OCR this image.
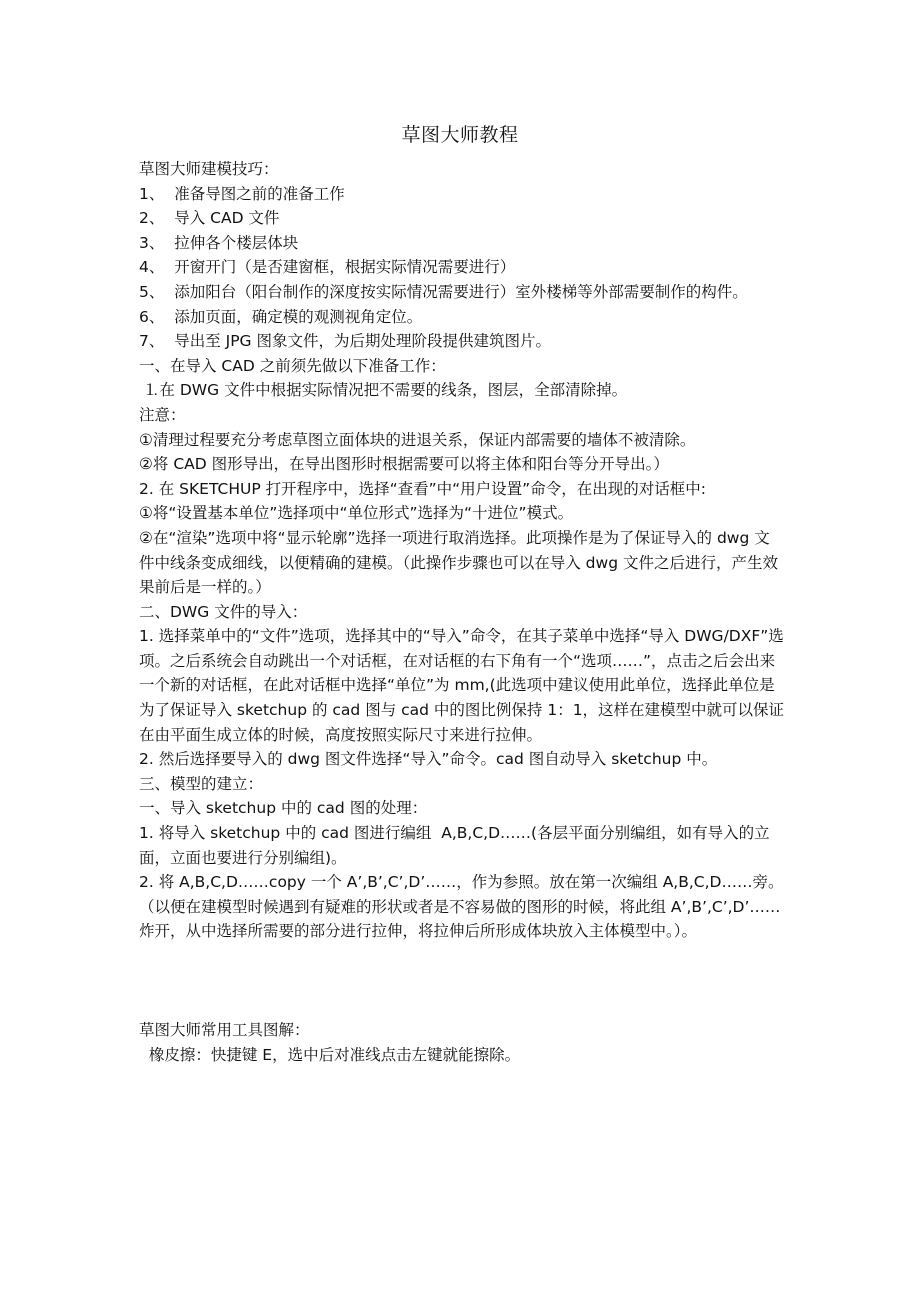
草图大师教程

草图大师建模技巧：

1、  准备导图之前的准备工作

2、  导入 CAD 文件

3、  拉伸各个楼层体块

4、  开窗开门（是否建窗框，根据实际情况需要进行）

5、  添加阳台（阳台制作的深度按实际情况需要进行）室外楼梯等外部需要制作的构件。

6、  添加页面，确定模的观测视角定位。

7、  导出至 JPG 图象文件，为后期处理阶段提供建筑图片。

一、在导入 CAD 之前须先做以下准备工作：

⒈在 DWG 文件中根据实际情况把不需要的线条，图层，全部清除掉。

注意：

①清理过程要充分考虑草图立面体块的进退关系，保证内部需要的墙体不被清除。

②将 CAD 图形导出，在导出图形时根据需要可以将主体和阳台等分开导出。）

2. 在 SKETCHUP 打开程序中，选择“查看”中“用户设置”命令，在出现的对话框中:

①将“设置基本单位”选择项中“单位形式”选择为“十进位”模式。

②在“渲染”选项中将“显示轮廓”选择一项进行取消选择。此项操作是为了保证导入的 dwg 文件中线条变成细线，以便精确的建模。（此操作步骤也可以在导入 dwg 文件之后进行，产生效果前后是一样的。）

二、DWG 文件的导入：

1. 选择菜单中的“文件”选项，选择其中的“导入”命令，在其子菜单中选择“导入 DWG/DXF”选项。之后系统会自动跳出一个对话框，在对话框的右下角有一个“选项……”，点击之后会出来一个新的对话框，在此对话框中选择“单位”为 mm,(此选项中建议使用此单位，选择此单位是为了保证导入 sketchup 的 cad 图与 cad 中的图比例保持 1：1，这样在建模型中就可以保证在由平面生成立体的时候，高度按照实际尺寸来进行拉伸。

2. 然后选择要导入的 dwg 图文件选择“导入”命令。cad 图自动导入 sketchup 中。

三、模型的建立：

一、导入 sketchup 中的 cad 图的处理：

1. 将导入 sketchup 中的 cad 图进行编组  A,B,C,D……(各层平面分别编组，如有导入的立面，立面也要进行分别编组)。

2. 将 A,B,C,D……copy 一个 A’,B’,C’,D’……，作为参照。放在第一次编组 A,B,C,D……旁。

（以便在建模型时候遇到有疑难的形状或者是不容易做的图形的时候，将此组 A’,B’,C’,D’……炸开，从中选择所需要的部分进行拉伸，将拉伸后所形成体块放入主体模型中。）。

草图大师常用工具图解：

橡皮擦：快捷键 E，选中后对准线点击左键就能擦除。
